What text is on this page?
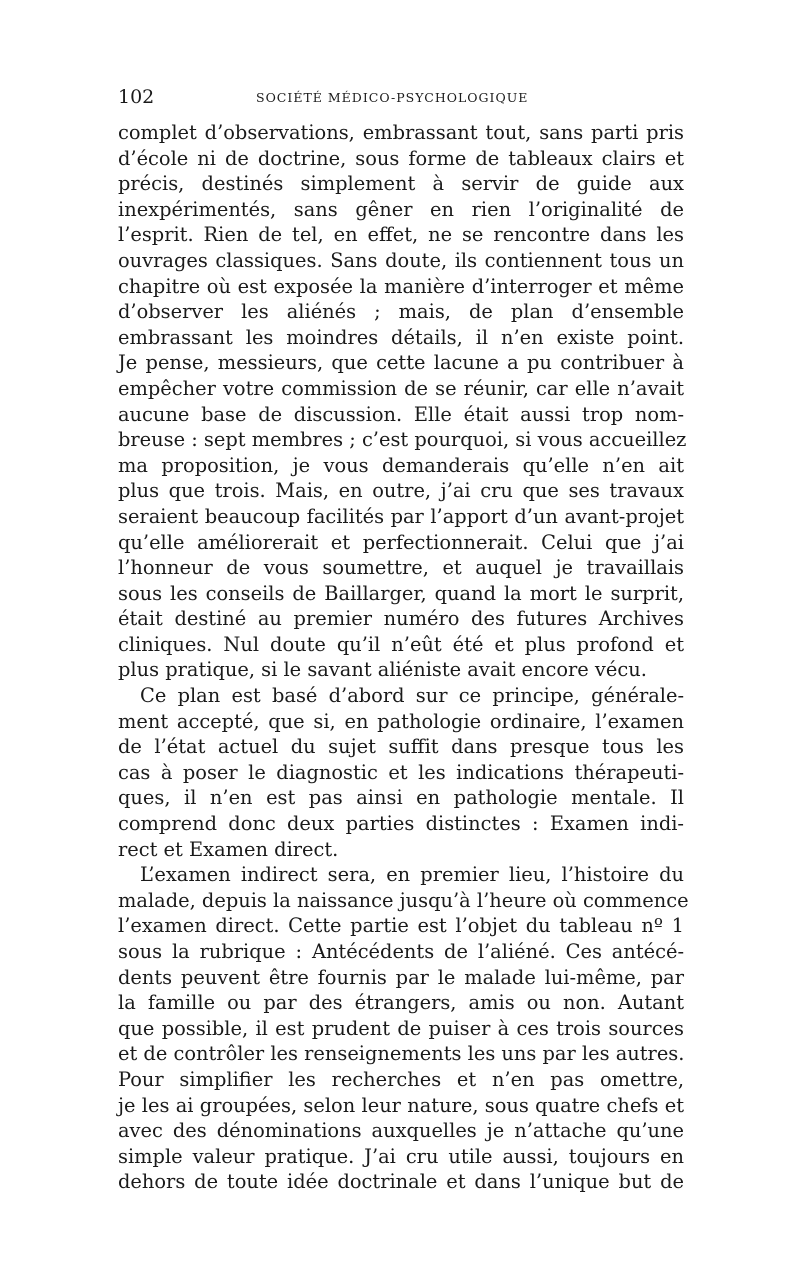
102	SOCIÉTÉ MÉDICO-PSYCHOLOGIQUE
complet d’observations, embrassant tout, sans parti pris
d’école ni de doctrine, sous forme de tableaux clairs et
précis, destinés simplement à servir de guide aux
inexpérimentés, sans gêner en rien l’originalité de
l’esprit. Rien de tel, en effet, ne se rencontre dans les
ouvrages classiques. Sans doute, ils contiennent tous un
chapitre où est exposée la manière d’interroger et même
d’observer les aliénés ; mais, de plan d’ensemble
embrassant les moindres détails, il n’en existe point.
Je pense, messieurs, que cette lacune a pu contribuer à
empêcher votre commission de se réunir, car elle n’avait
aucune base de discussion. Elle était aussi trop nom-
breuse : sept membres ; c’est pourquoi, si vous accueillez
ma proposition, je vous demanderais qu’elle n’en ait
plus que trois. Mais, en outre, j’ai cru que ses travaux
seraient beaucoup facilités par l’apport d’un avant-projet
qu’elle améliorerait et perfectionnerait. Celui que j’ai
l’honneur de vous soumettre, et auquel je travaillais
sous les conseils de Baillarger, quand la mort le surprit,
était destiné au premier numéro des futures Archives
cliniques. Nul doute qu’il n’eût été et plus profond et
plus pratique, si le savant aliéniste avait encore vécu.
Ce plan est basé d’abord sur ce principe, générale-
ment accepté, que si, en pathologie ordinaire, l’examen
de l’état actuel du sujet suffit dans presque tous les
cas à poser le diagnostic et les indications thérapeuti-
ques, il n’en est pas ainsi en pathologie mentale. Il
comprend donc deux parties distinctes : Examen indi-
rect et Examen direct.
L’examen indirect sera, en premier lieu, l’histoire du
malade, depuis la naissance jusqu’à l’heure où commence
l’examen direct. Cette partie est l’objet du tableau nº 1
sous la rubrique : Antécédents de l’aliéné. Ces antécé-
dents peuvent être fournis par le malade lui-même, par
la famille ou par des étrangers, amis ou non. Autant
que possible, il est prudent de puiser à ces trois sources
et de contrôler les renseignements les uns par les autres.
Pour simplifier les recherches et n’en pas omettre,
je les ai groupées, selon leur nature, sous quatre chefs et
avec des dénominations auxquelles je n’attache qu’une
simple valeur pratique. J’ai cru utile aussi, toujours en
dehors de toute idée doctrinale et dans l’unique but de
